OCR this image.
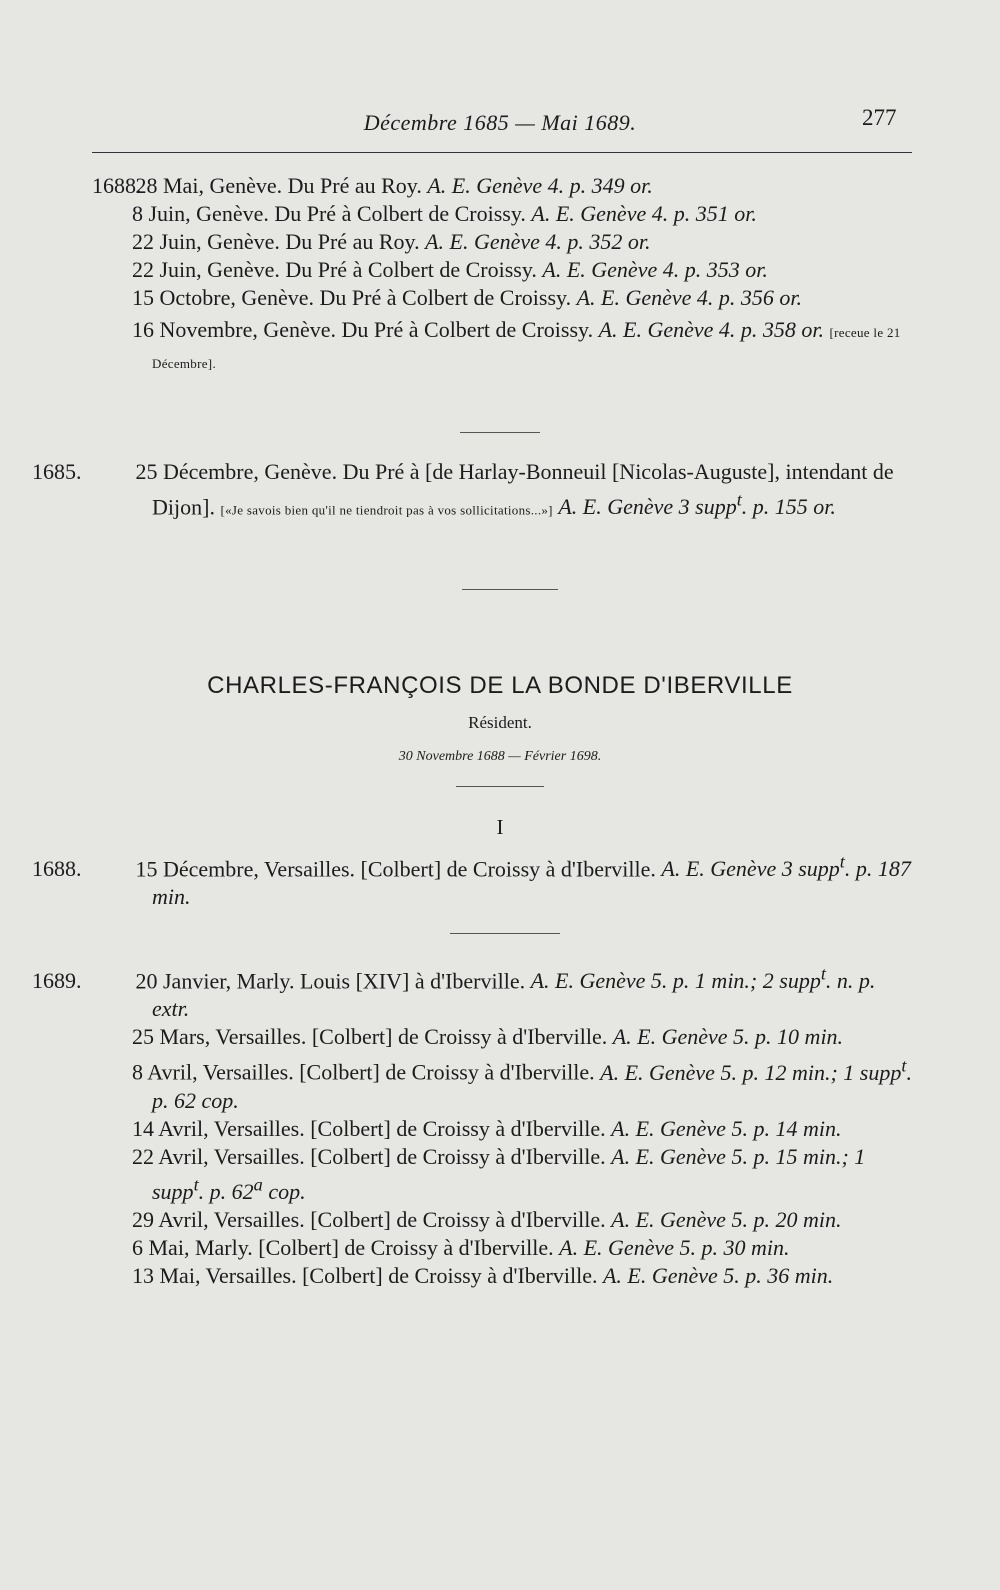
Décembre 1685 — Mai 1689.	277
1688. 28 Mai, Genève. Du Pré au Roy. A. E. Genève 4. p. 349 or.
8 Juin, Genève. Du Pré à Colbert de Croissy. A. E. Genève 4. p. 351 or.
22 Juin, Genève. Du Pré au Roy. A. E. Genève 4. p. 352 or.
22 Juin, Genève. Du Pré à Colbert de Croissy. A. E. Genève 4. p. 353 or.
15 Octobre, Genève. Du Pré à Colbert de Croissy. A. E. Genève 4. p. 356 or.
16 Novembre, Genève. Du Pré à Colbert de Croissy. A. E. Genève 4. p. 358 or. [receue le 21 Décembre].
1685. 25 Décembre, Genève. Du Pré à [de Harlay-Bonneuil [Nicolas-Auguste], intendant de Dijon]. [«Je savois bien qu'il ne tiendroit pas à vos sollicitations...»] A. E. Genève 3 supp$^t$. p. 155 or.
CHARLES-FRANÇOIS DE LA BONDE D'IBERVILLE
Résident.
30 Novembre 1688 — Février 1698.
I
1688. 15 Décembre, Versailles. [Colbert] de Croissy à d'Iberville. A. E. Genève 3 supp$^t$. p. 187 min.
1689. 20 Janvier, Marly. Louis [XIV] à d'Iberville. A. E. Genève 5. p. 1 min.; 2 supp$^t$. n. p. extr.
25 Mars, Versailles. [Colbert] de Croissy à d'Iberville. A. E. Genève 5. p. 10 min.
8 Avril, Versailles. [Colbert] de Croissy à d'Iberville. A. E. Genève 5. p. 12 min.; 1 supp$^t$. p. 62 cop.
14 Avril, Versailles. [Colbert] de Croissy à d'Iberville. A. E. Genève 5. p. 14 min.
22 Avril, Versailles. [Colbert] de Croissy à d'Iberville. A. E. Genève 5. p. 15 min.; 1 supp$^t$. p. 62$^a$ cop.
29 Avril, Versailles. [Colbert] de Croissy à d'Iberville. A. E. Genève 5. p. 20 min.
6 Mai, Marly. [Colbert] de Croissy à d'Iberville. A. E. Genève 5. p. 30 min.
13 Mai, Versailles. [Colbert] de Croissy à d'Iberville. A. E. Genève 5. p. 36 min.
